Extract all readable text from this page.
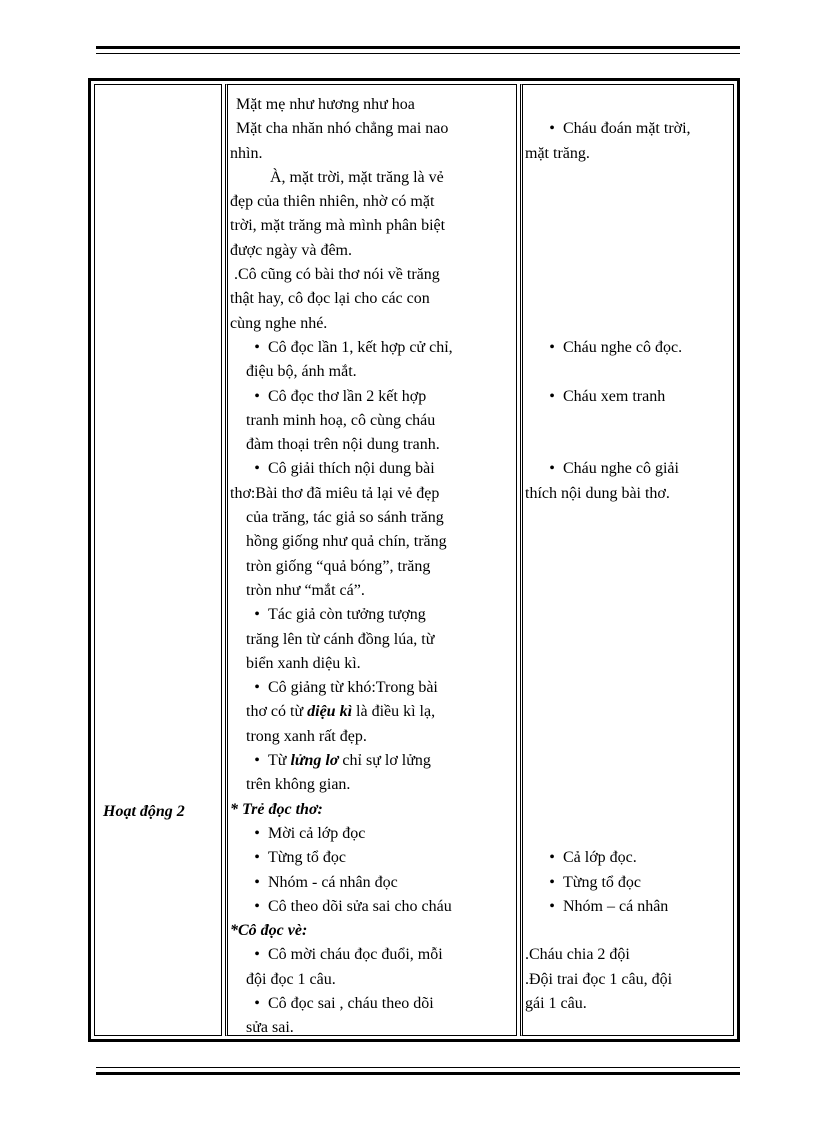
Hoạt động 2
Mặt mẹ như hương như hoa
Mặt cha nhăn nhó chẳng mai nao
nhìn.
À, mặt trời, mặt trăng là vẻ
đẹp của thiên nhiên, nhờ có mặt
trời, mặt trăng mà mình phân biệt
được ngày và đêm.
.Cô cũng có bài thơ nói về trăng
thật hay, cô đọc lại cho các con
cùng nghe nhé.
• Cô đọc lần 1, kết hợp cử chỉ,
điệu bộ, ánh mắt.
• Cô đọc thơ lần 2 kết hợp
tranh minh hoạ, cô cùng cháu
đàm thoại trên nội dung tranh.
• Cô giải thích nội dung bài
thơ:Bài thơ đã miêu tả lại vẻ đẹp
của trăng, tác giả so sánh trăng
hồng giống như quả chín, trăng
tròn giống “quả bóng”, trăng
tròn như “mắt cá”.
• Tác giả còn tưởng tượng
trăng lên từ cánh đồng lúa, từ
biển xanh diệu kì.
• Cô giảng từ khó:Trong bài
thơ có từ diệu kì là điều kì lạ,
trong xanh rất đẹp.
• Từ lửng lơ chỉ sự lơ lửng
trên không gian.
* Trẻ đọc thơ:
• Mời cả lớp đọc
• Từng tổ đọc
• Nhóm - cá nhân đọc
• Cô theo dõi sửa sai cho cháu
*Cô đọc vè:
• Cô mời cháu đọc đuổi, mỗi
đội đọc 1 câu.
• Cô đọc sai , cháu theo dõi
sửa sai.
• Cháu đoán mặt trời,
mặt trăng.
• Cháu nghe cô đọc.
• Cháu xem tranh
• Cháu nghe cô giải
thích nội dung bài thơ.
• Cả lớp đọc.
• Từng tổ đọc
• Nhóm – cá nhân
.Cháu chia 2 đội
.Đội trai đọc 1 câu, đội
gái 1 câu.
